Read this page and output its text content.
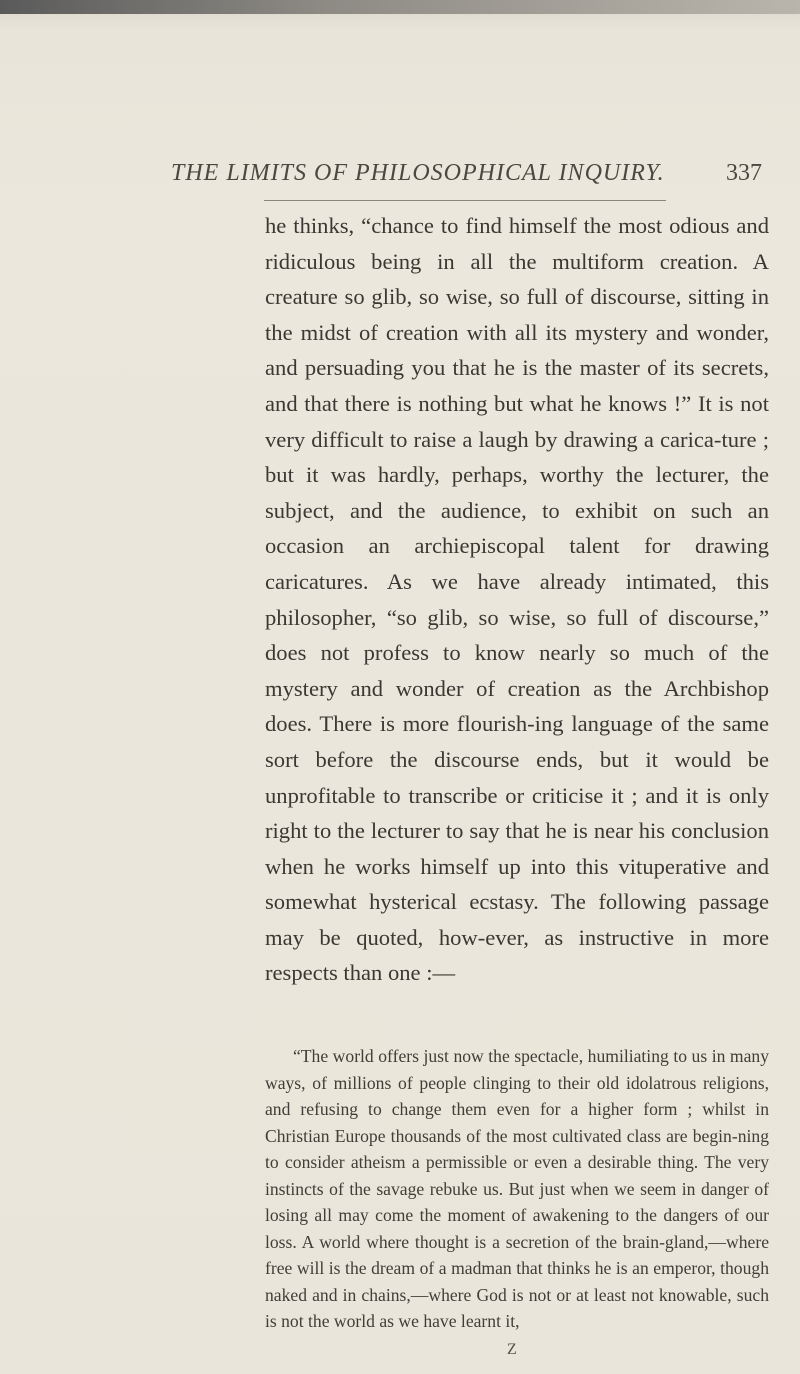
THE LIMITS OF PHILOSOPHICAL INQUIRY.	337

he thinks, “chance to find himself the most odious and ridiculous being in all the multiform creation. A creature so glib, so wise, so full of discourse, sitting in the midst of creation with all its mystery and wonder, and persuading you that he is the master of its secrets, and that there is nothing but what he knows !” It is not very difficult to raise a laugh by drawing a carica-ture ; but it was hardly, perhaps, worthy the lecturer, the subject, and the audience, to exhibit on such an occasion an archiepiscopal talent for drawing caricatures. As we have already intimated, this philosopher, “so glib, so wise, so full of discourse,” does not profess to know nearly so much of the mystery and wonder of creation as the Archbishop does. There is more flourish-ing language of the same sort before the discourse ends, but it would be unprofitable to transcribe or criticise it ; and it is only right to the lecturer to say that he is near his conclusion when he works himself up into this vituperative and somewhat hysterical ecstasy. The following passage may be quoted, how-ever, as instructive in more respects than one :—

“The world offers just now the spectacle, humiliating to us in many ways, of millions of people clinging to their old idolatrous religions, and refusing to change them even for a higher form ; whilst in Christian Europe thousands of the most cultivated class are begin-ning to consider atheism a permissible or even a desirable thing. The very instincts of the savage rebuke us. But just when we seem in danger of losing all may come the moment of awakening to the dangers of our loss. A world where thought is a secretion of the brain-gland,—where free will is the dream of a madman that thinks he is an emperor, though naked and in chains,—where God is not or at least not knowable, such is not the world as we have learnt it,

Z
